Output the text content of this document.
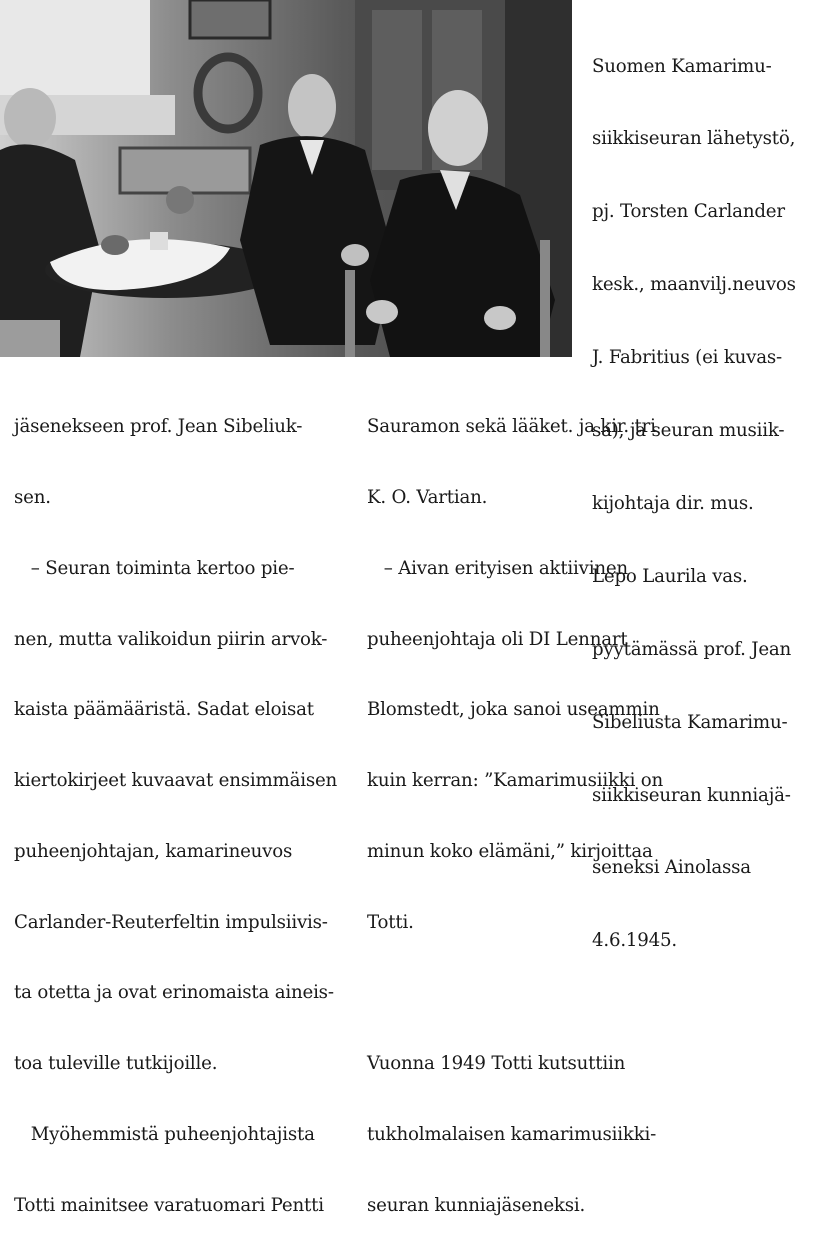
Suomen Kamarimu-

siikkiseuran lähetystö,

pj. Torsten Carlander

kesk., maanvilj.neuvos

J. Fabritius (ei kuvas-

sa), ja seuran musiik-

kijohtaja dir. mus.

Lepo Laurila vas.

pyytämässä prof. Jean

Sibeliusta Kamarimu-

siikkiseuran kunniajä-

seneksi Ainolassa

4.6.1945.

jäsenekseen prof. Jean Sibeliuk-

sen.

– Seuran toiminta kertoo pie-

nen, mutta valikoidun piirin arvok-

kaista päämääristä. Sadat eloisat

kiertokirjeet kuvaavat ensimmäisen

puheenjohtajan, kamarineuvos

Carlander-Reuterfeltin impulsiivis-

ta otetta ja ovat erinomaista aineis-

toa tuleville tutkijoille.

Myöhemmistä puheenjohtajista

Totti mainitsee varatuomari Pentti

Sauramon sekä lääket. ja kir. tri

K. O. Vartian.

– Aivan erityisen aktiivinen

puheenjohtaja oli DI Lennart

Blomstedt, joka sanoi useammin

kuin kerran: ”Kamarimusiikki on

minun koko elämäni,” kirjoittaa

Totti.

Vuonna 1949 Totti kutsuttiin

tukholmalaisen kamarimusiikki-

seuran kunniajäseneksi.
